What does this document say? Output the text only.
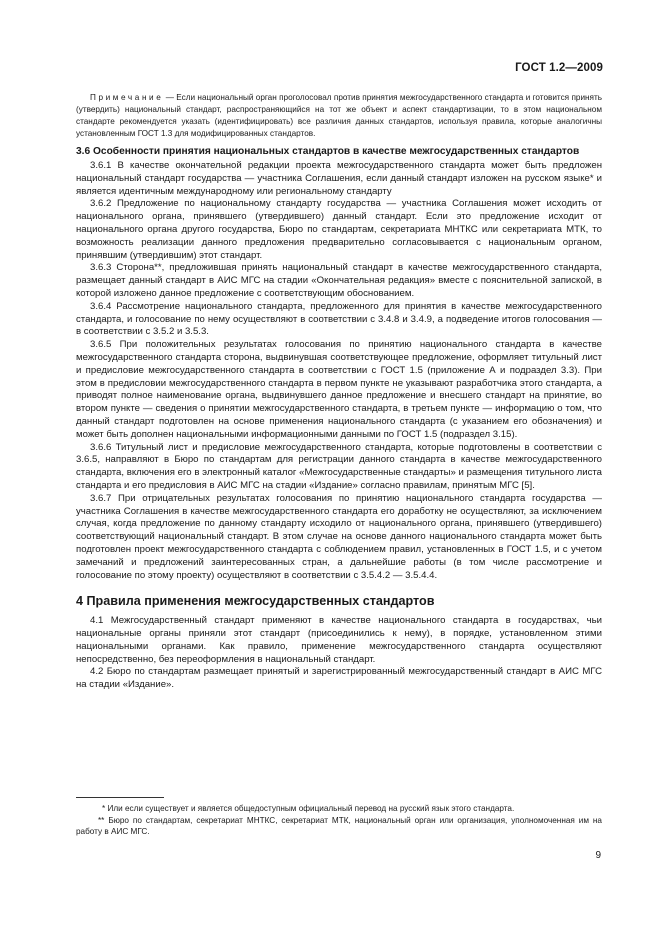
ГОСТ 1.2—2009

Примечание — Если национальный орган проголосовал против принятия межгосударственного стандарта и готовится принять (утвердить) национальный стандарт, распространяющийся на тот же объект и аспект стандартизации, то в этом национальном стандарте рекомендуется указать (идентифицировать) все различия данных стандартов, используя правила, которые аналогичны установленным ГОСТ 1.3 для модифицированных стандартов.

3.6 Особенности принятия национальных стандартов в качестве межгосударственных стандартов

3.6.1 В качестве окончательной редакции проекта межгосударственного стандарта может быть предложен национальный стандарт государства — участника Соглашения, если данный стандарт изложен на русском языке* и является идентичным международному или региональному стандарту

3.6.2 Предложение по национальному стандарту государства — участника Соглашения может исходить от национального органа, принявшего (утвердившего) данный стандарт. Если это предложение исходит от национального органа другого государства, Бюро по стандартам, секретариата МНТКС или секретариата МТК, то возможность реализации данного предложения предварительно согласовывается с национальным органом, принявшим (утвердившим) этот стандарт.

3.6.3 Сторона**, предложившая принять национальный стандарт в качестве межгосударственного стандарта, размещает данный стандарт в АИС МГС на стадии «Окончательная редакция» вместе с пояснительной запиской, в которой изложено данное предложение с соответствующим обоснованием.

3.6.4 Рассмотрение национального стандарта, предложенного для принятия в качестве межгосударственного стандарта, и голосование по нему осуществляют в соответствии с 3.4.8 и 3.4.9, а подведение итогов голосования — в соответствии с 3.5.2 и 3.5.3.

3.6.5 При положительных результатах голосования по принятию национального стандарта в качестве межгосударственного стандарта сторона, выдвинувшая соответствующее предложение, оформляет титульный лист и предисловие межгосударственного стандарта в соответствии с ГОСТ 1.5 (приложение А и подраздел 3.3). При этом в предисловии межгосударственного стандарта в первом пункте не указывают разработчика этого стандарта, а приводят полное наименование органа, выдвинувшего данное предложение и внесшего стандарт на принятие, во втором пункте — сведения о принятии межгосударственного стандарта, в третьем пункте — информацию о том, что данный стандарт подготовлен на основе применения национального стандарта (с указанием его обозначения) и может быть дополнен национальными информационными данными по ГОСТ 1.5 (подраздел 3.15).

3.6.6 Титульный лист и предисловие межгосударственного стандарта, которые подготовлены в соответствии с 3.6.5, направляют в Бюро по стандартам для регистрации данного стандарта в качестве межгосударственного стандарта, включения его в электронный каталог «Межгосударственные стандарты» и размещения титульного листа стандарта и его предисловия в АИС МГС на стадии «Издание» согласно правилам, принятым МГС [5].

3.6.7 При отрицательных результатах голосования по принятию национального стандарта государства — участника Соглашения в качестве межгосударственного стандарта его доработку не осуществляют, за исключением случая, когда предложение по данному стандарту исходило от национального органа, принявшего (утвердившего) соответствующий национальный стандарт. В этом случае на основе данного национального стандарта может быть подготовлен проект межгосударственного стандарта с соблюдением правил, установленных в ГОСТ 1.5, и с учетом замечаний и предложений заинтересованных стран, а дальнейшие работы (в том числе рассмотрение и голосование по этому проекту) осуществляют в соответствии с 3.5.4.2 — 3.5.4.4.

4 Правила применения межгосударственных стандартов

4.1 Межгосударственный стандарт применяют в качестве национального стандарта в государствах, чьи национальные органы приняли этот стандарт (присоединились к нему), в порядке, установленном этими национальными органами. Как правило, применение межгосударственного стандарта осуществляют непосредственно, без переоформления в национальный стандарт.

4.2 Бюро по стандартам размещает принятый и зарегистрированный межгосударственный стандарт в АИС МГС на стадии «Издание».

* Или если существует и является общедоступным официальный перевод на русский язык этого стандарта.

** Бюро по стандартам, секретариат МНТКС, секретариат МТК, национальный орган или организация, уполномоченная им на работу в АИС МГС.

9
